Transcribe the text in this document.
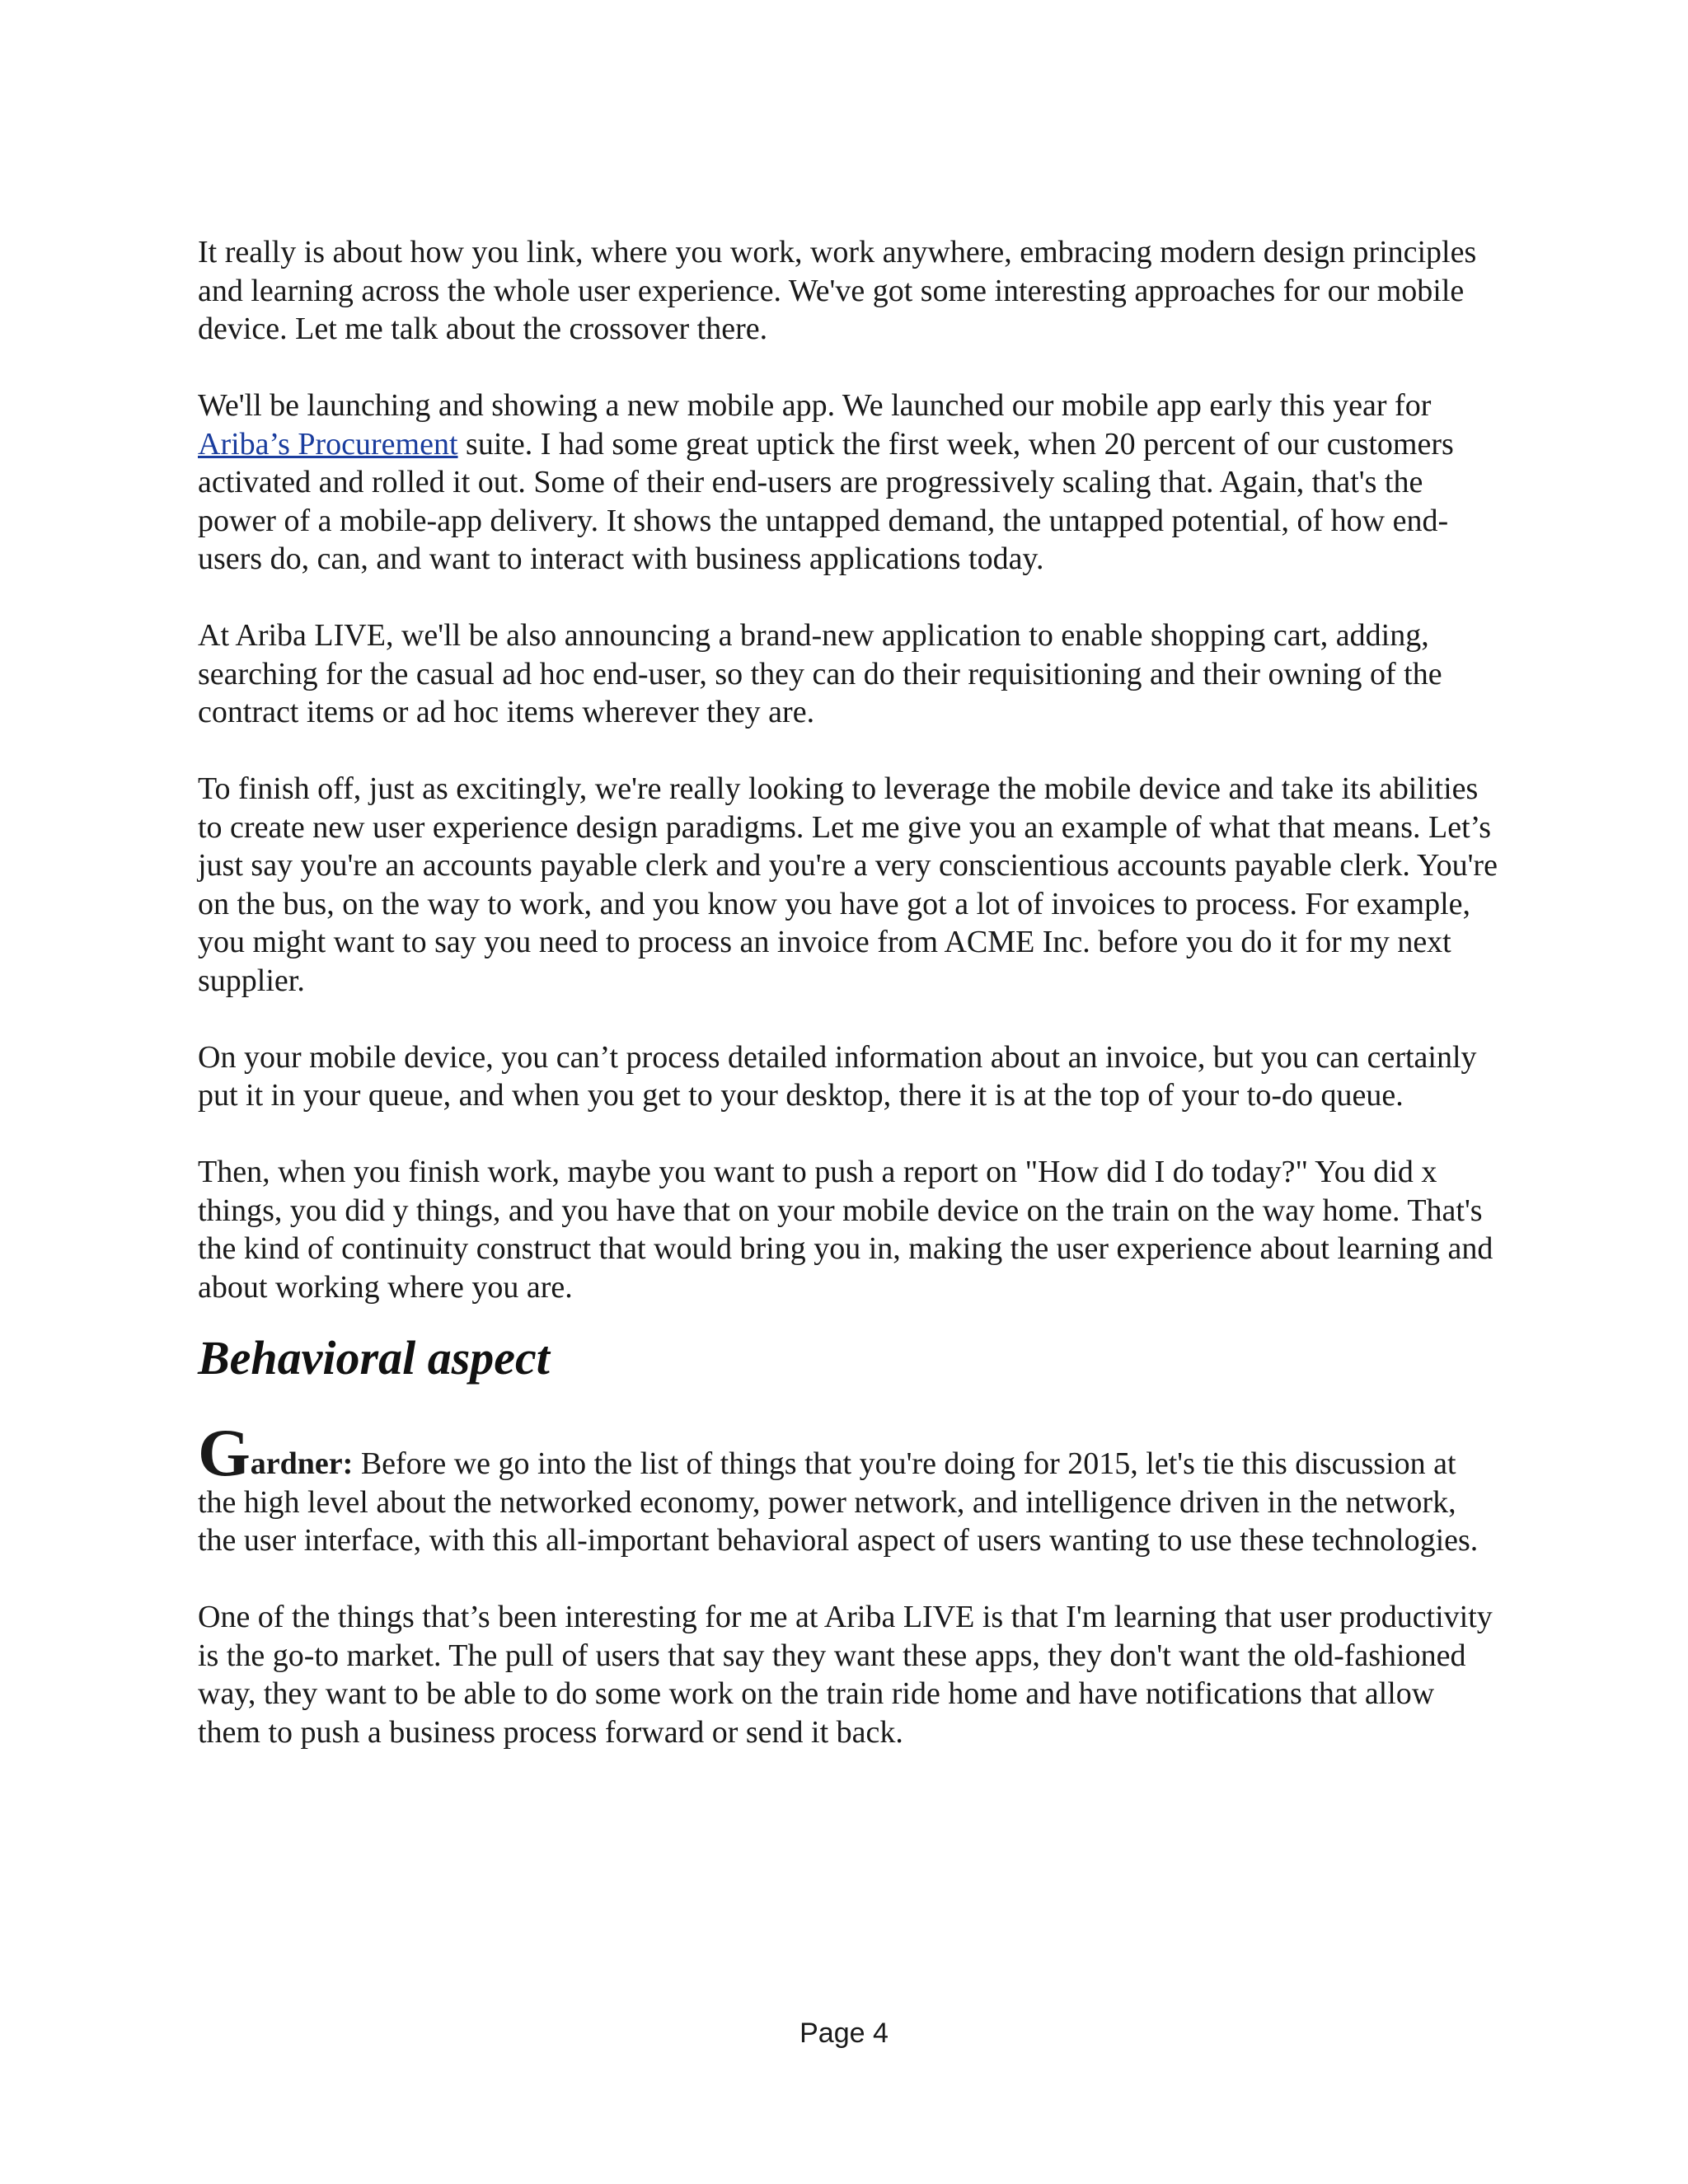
It really is about how you link, where you work, work anywhere, embracing modern design principles and learning across the whole user experience. We've got some interesting approaches for our mobile device. Let me talk about the crossover there.

We'll be launching and showing a new mobile app. We launched our mobile app early this year for Ariba’s Procurement suite. I had some great uptick the first week, when 20 percent of our customers activated and rolled it out. Some of their end-users are progressively scaling that. Again, that's the power of a mobile-app delivery. It shows the untapped demand, the untapped potential, of how end-users do, can, and want to interact with business applications today.

At Ariba LIVE, we'll be also announcing a brand-new application to enable shopping cart, adding, searching for the casual ad hoc end-user, so they can do their requisitioning and their owning of the contract items or ad hoc items wherever they are.

To finish off, just as excitingly, we're really looking to leverage the mobile device and take its abilities to create new user experience design paradigms. Let me give you an example of what that means. Let’s just say you're an accounts payable clerk and you're a very conscientious accounts payable clerk. You're on the bus, on the way to work, and you know you have got a lot of invoices to process. For example, you might want to say you need to process an invoice from ACME Inc. before you do it for my next supplier.

On your mobile device, you can’t process detailed information about an invoice, but you can certainly put it in your queue, and when you get to your desktop, there it is at the top of your to-do queue.

Then, when you finish work, maybe you want to push a report on "How did I do today?" You did x things, you did y things, and you have that on your mobile device on the train on the way home. That's the kind of continuity construct that would bring you in, making the user experience about learning and about working where you are.

Behavioral aspect

Gardner: Before we go into the list of things that you're doing for 2015, let's tie this discussion at the high level about the networked economy, power network, and intelligence driven in the network, the user interface, with this all-important behavioral aspect of users wanting to use these technologies.

One of the things that’s been interesting for me at Ariba LIVE is that I'm learning that user productivity is the go-to market. The pull of users that say they want these apps, they don't want the old-fashioned way, they want to be able to do some work on the train ride home and have notifications that allow them to push a business process forward or send it back.

Page 4
